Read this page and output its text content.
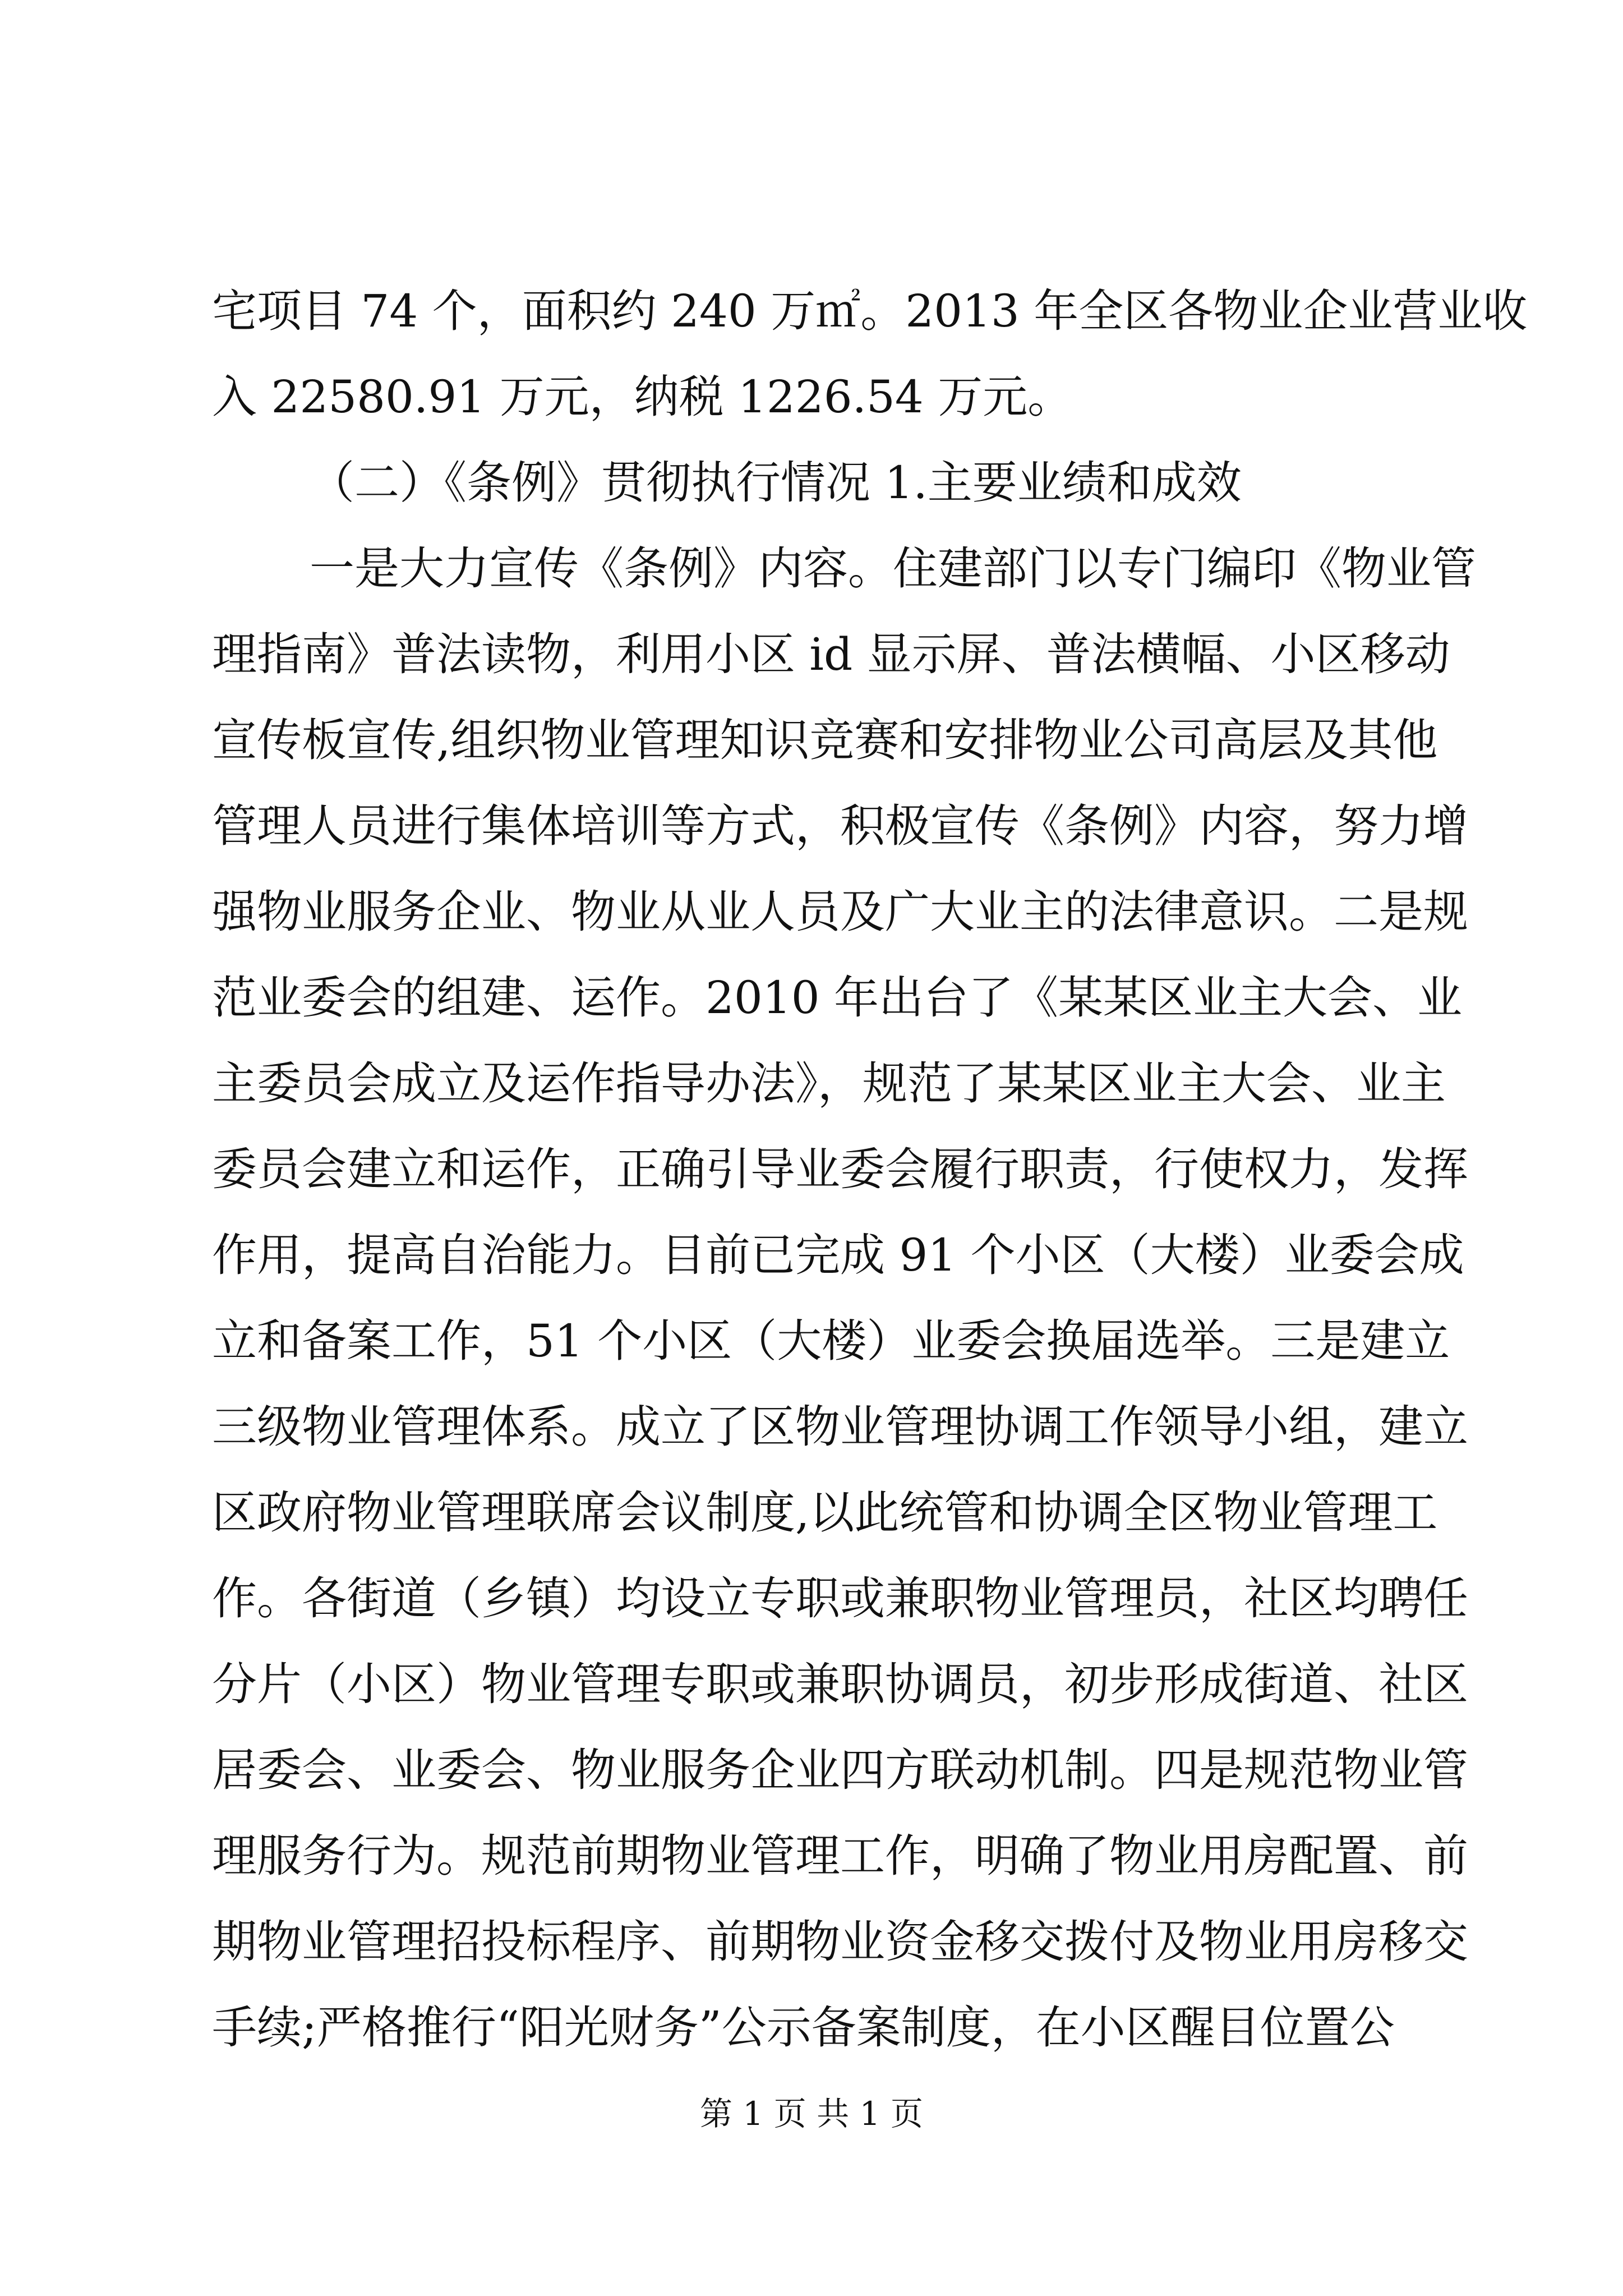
宅项目 74 个，面积约 240 万㎡。2013 年全区各物业企业营业收
入 22580.91 万元，纳税 1226.54 万元。
（二）《条例》贯彻执行情况 1.主要业绩和成效
一是大力宣传《条例》内容。住建部门以专门编印《物业管
理指南》普法读物，利用小区 id 显示屏、普法横幅、小区移动
宣传板宣传,组织物业管理知识竞赛和安排物业公司高层及其他
管理人员进行集体培训等方式，积极宣传《条例》内容，努力增
强物业服务企业、物业从业人员及广大业主的法律意识。二是规
范业委会的组建、运作。2010 年出台了《某某区业主大会、业
主委员会成立及运作指导办法》，规范了某某区业主大会、业主
委员会建立和运作，正确引导业委会履行职责，行使权力，发挥
作用，提高自治能力。目前已完成 91 个小区（大楼）业委会成
立和备案工作，51 个小区（大楼）业委会换届选举。三是建立
三级物业管理体系。成立了区物业管理协调工作领导小组，建立
区政府物业管理联席会议制度,以此统管和协调全区物业管理工
作。各街道（乡镇）均设立专职或兼职物业管理员，社区均聘任
分片（小区）物业管理专职或兼职协调员，初步形成街道、社区
居委会、业委会、物业服务企业四方联动机制。四是规范物业管
理服务行为。规范前期物业管理工作，明确了物业用房配置、前
期物业管理招投标程序、前期物业资金移交拨付及物业用房移交
手续;严格推行“阳光财务”公示备案制度，在小区醒目位置公
第 1 页 共 1 页
